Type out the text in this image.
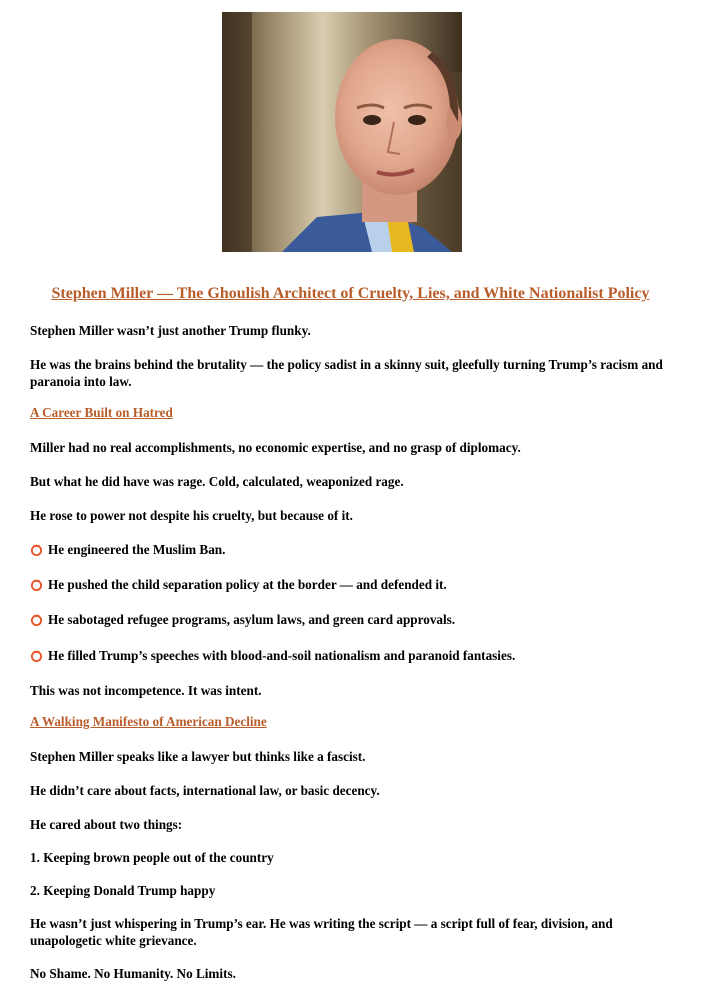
Stephen Miller — The Ghoulish Architect of Cruelty, Lies, and White Nationalist Policy

Stephen Miller wasn’t just another Trump flunky.

He was the brains behind the brutality — the policy sadist in a skinny suit, gleefully turning Trump’s racism and paranoia into law.

A Career Built on Hatred

Miller had no real accomplishments, no economic expertise, and no grasp of diplomacy.

But what he did have was rage. Cold, calculated, weaponized rage.

He rose to power not despite his cruelty, but because of it.

He engineered the Muslim Ban.

He pushed the child separation policy at the border — and defended it.

He sabotaged refugee programs, asylum laws, and green card approvals.

He filled Trump’s speeches with blood-and-soil nationalism and paranoid fantasies.

This was not incompetence. It was intent.

A Walking Manifesto of American Decline

Stephen Miller speaks like a lawyer but thinks like a fascist.

He didn’t care about facts, international law, or basic decency.

He cared about two things:

1. Keeping brown people out of the country

2. Keeping Donald Trump happy

He wasn’t just whispering in Trump’s ear. He was writing the script — a script full of fear, division, and unapologetic white grievance.

No Shame. No Humanity. No Limits.
